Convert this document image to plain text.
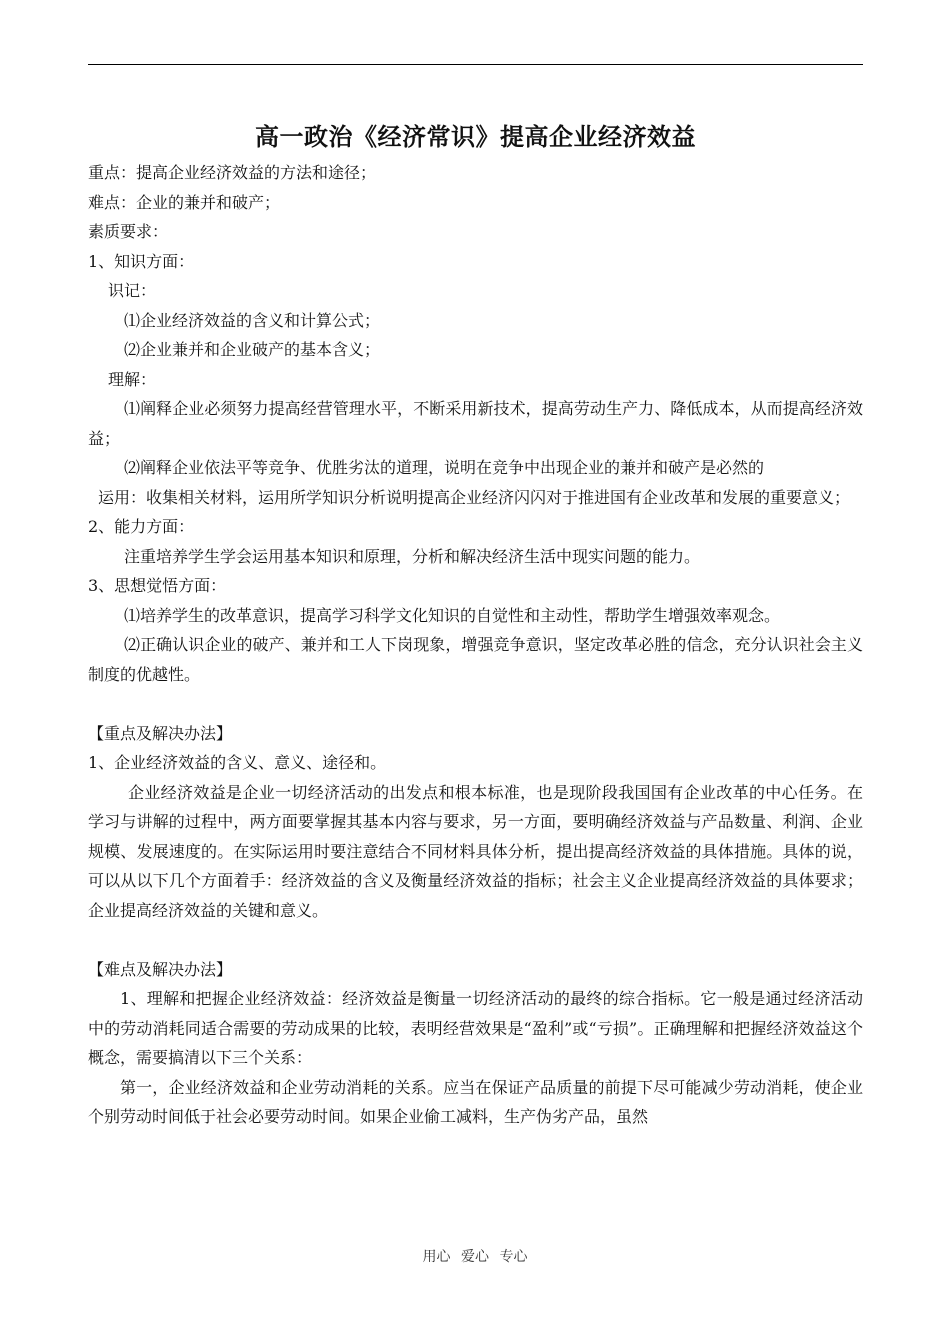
高一政治《经济常识》提高企业经济效益

重点：提高企业经济效益的方法和途径；

难点：企业的兼并和破产；

素质要求：

1、知识方面：

识记：

⑴企业经济效益的含义和计算公式；

⑵企业兼并和企业破产的基本含义；

理解：

⑴阐释企业必须努力提高经营管理水平，不断采用新技术，提高劳动生产力、降低成本，从而提高经济效益；

⑵阐释企业依法平等竞争、优胜劣汰的道理，说明在竞争中出现企业的兼并和破产是必然的

运用：收集相关材料，运用所学知识分析说明提高企业经济闪闪对于推进国有企业改革和发展的重要意义；

2、能力方面：

注重培养学生学会运用基本知识和原理，分析和解决经济生活中现实问题的能力。

3、思想觉悟方面：

⑴培养学生的改革意识，提高学习科学文化知识的自觉性和主动性，帮助学生增强效率观念。

⑵正确认识企业的破产、兼并和工人下岗现象，增强竞争意识，坚定改革必胜的信念，充分认识社会主义制度的优越性。

【重点及解决办法】

1、企业经济效益的含义、意义、途径和。

企业经济效益是企业一切经济活动的出发点和根本标准，也是现阶段我国国有企业改革的中心任务。在学习与讲解的过程中，两方面要掌握其基本内容与要求，另一方面，要明确经济效益与产品数量、利润、企业规模、发展速度的。在实际运用时要注意结合不同材料具体分析，提出提高经济效益的具体措施。具体的说，可以从以下几个方面着手：经济效益的含义及衡量经济效益的指标；社会主义企业提高经济效益的具体要求；企业提高经济效益的关键和意义。

【难点及解决办法】

1、理解和把握企业经济效益：经济效益是衡量一切经济活动的最终的综合指标。它一般是通过经济活动中的劳动消耗同适合需要的劳动成果的比较，表明经营效果是“盈利”或“亏损”。正确理解和把握经济效益这个概念，需要搞清以下三个关系：

第一，企业经济效益和企业劳动消耗的关系。应当在保证产品质量的前提下尽可能减少劳动消耗，使企业个别劳动时间低于社会必要劳动时间。如果企业偷工减料，生产伪劣产品，虽然

用心 爱心 专心
